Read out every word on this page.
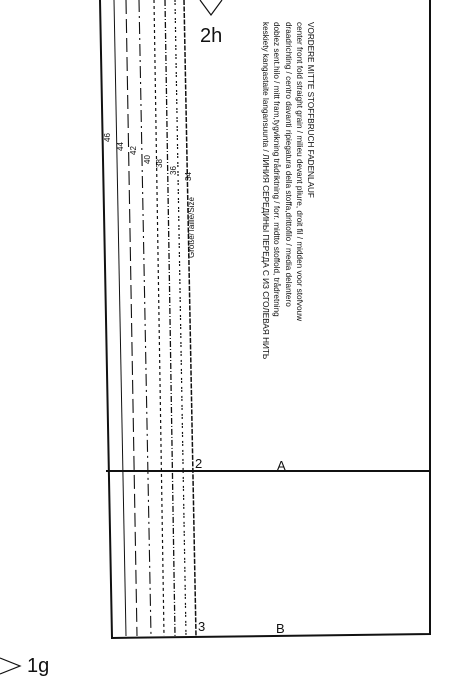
2h
1g
2	A
3	B
46
44 42
40 38
36
34
Größe/Taille/Size
VORDERE MITTE STOFFBRUCH FADENLAUF
center front fold straight grain / milieu devant pliure, droit fil / midden voor stofvouw
draadrichting / centro davanti ripiegatura della stoffa,drittofilo / media delantero
doblez sent.hilo / mitt fram,tygvikning trådriktning / forr. midtto stoffold, trådretning
keskiety kangastaite langansuunta / ЛИНИЯ СЕРЕДИНЫ ПЕРЕДА С ИЗ СГОЛЕВАЯ НИТЬ
